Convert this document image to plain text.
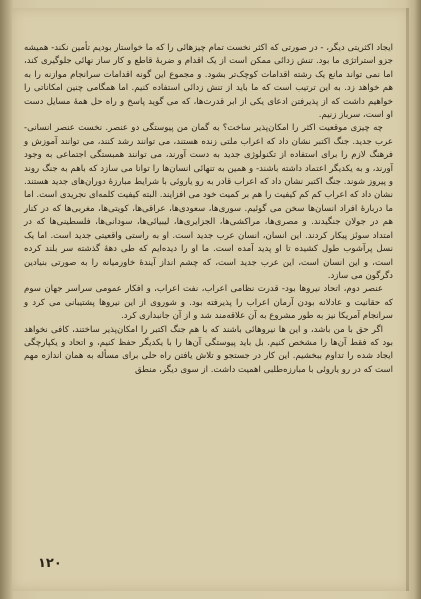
ایجاد اکثریتی دیگر، - در صورتی که اکثر نخست تمام چیزهائی را که ما خواستار بودیم تأمین نکند- همیشه جزو استراتژی ما بود. تنش زدائی ممکن است از یک اقدام و ضربهٔ قاطع و کار ساز نهائی جلوگیری کند، اما نمی تواند مانع یک رشته اقدامات کوچک‌تر بشود. و مجموع این گونه اقدامات سرانجام موازنه را به هم خواهد زد. به این ترتیب است که ما باید از تنش زدائی استفاده کنیم. اما همگامی چنین امکاناتی را خواهیم داشت که از پذیرفتن ادعای یکی از ابر قدرت‌ها، که می گوید پاسخ و راه حل همهٔ مسایل دست او است، سرباز زنیم.

چه چیزی موقعیت اکثر را امکان‌پذیر ساخت؟ به گمان من پیوستگی دو عنصر. نخست عنصر انسانی- عرب جدید. جنگ اکتبر نشان داد که اعراب ملتی زنده هستند، می توانند رشد کنند، می توانند آموزش و فرهنگ لازم را برای استفاده از تکنولوژی جدید به دست آورند، می توانند همبستگی اجتماعی به وجود آورند، و به یکدیگر اعتماد داشته باشند- و همین به تنهائی انسان‌ها را توانا می سازد که باهم به جنگ روند و پیروز شوند. جنگ اکتبر نشان داد که اعراب قادر به رو یاروئی با شرایط مبارزهٔ دوران‌های جدید هستند. نشان داد که اعراب کم کم کیفیت را هم بر کمیت خود می افزایند. البته کیفیت کلمه‌ای نجریدی است. اما ما دربارهٔ افراد انسان‌ها سخن می گوئیم. سوری‌ها، سعودی‌ها، عراقی‌ها، کویتی‌ها، مغربی‌ها که در کنار هم در جولان جنگیدند. و مصری‌ها، مراکشی‌ها، الجزایری‌ها، لیبیائی‌ها، سودانی‌ها، فلسطینی‌ها که در امتداد سوئز پیکار کردند. این انسان، انسان عرب جدید است. او به راستی واقعیتی جدید است. اما یک نسل پرآشوب طول کشیده تا او پدید آمده است. ما او را دیده‌ایم که طی دههٔ گذشته سر بلند کرده است، و این انسان است، این عرب جدید است، که چشم انداز آیندهٔ خاورمیانه را به صورتی بنیادین دگرگون می سازد.

عنصر دوم، اتحاد نیروها بود- قدرت نظامی اعراب، نفت اعراب، و افکار عمومی سراسر جهان سوم که حقانیت و عادلانه بودن آرمان اعراب را پذیرفته بود. و شوروی از این نیروها پشتیبانی می کرد و سرانجام آمریکا نیز به طور مشروع به آن علاقه‌مند شد و از آن جانبداری کرد.

اگر حق با من باشد، و این ها نیروهائی باشند که با هم جنگ اکتبر را امکان‌پذیر ساختند، کافی نخواهد بود که فقط آن‌ها را مشخص کنیم. بل باید پیوستگی آن‌ها را با یکدیگر حفظ کنیم، و اتحاد و یکپارچگی ایجاد شده را تداوم ببخشیم. این کار در جستجو و تلاش یافتن راه حلی برای مسأله به همان اندازه مهم است که در رو یاروئی با مبارزه‌طلبی اهمیت داشت. از سوی دیگر، منطق

۱۲۰
